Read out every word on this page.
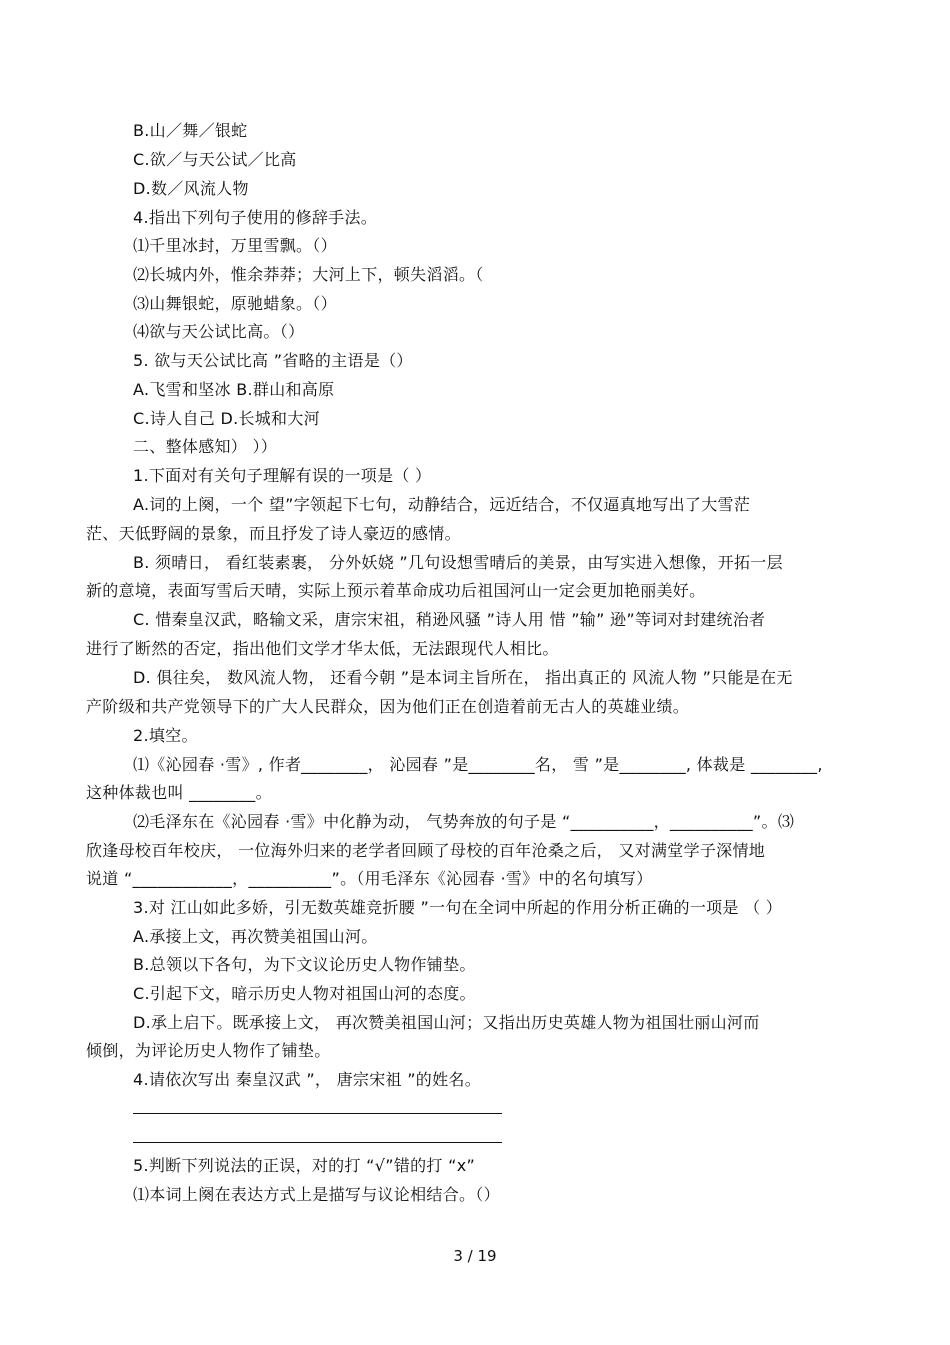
B.山／舞／银蛇
C.欲／与天公试／比高
D.数／风流人物
4.指出下列句子使用的修辞手法。
⑴千里冰封，万里雪飘。（）
⑵长城内外，惟余莽莽；大河上下，顿失滔滔。（
⑶山舞银蛇，原驰蜡象。（）
⑷欲与天公试比高。（）
5. 欲与天公试比高 ”省略的主语是（）
A.飞雪和坚冰 B.群山和高原
C.诗人自己 D.长城和大河
二、整体感知） ））
1.下面对有关句子理解有误的一项是（ ）
A.词的上阕，一个 望”字领起下七句，动静结合，远近结合，不仅逼真地写出了大雪茫
茫、天低野阔的景象，而且抒发了诗人豪迈的感情。
B. 须晴日， 看红装素裹， 分外妖娆 ”几句设想雪晴后的美景，由写实进入想像，开拓一层
新的意境，表面写雪后天晴，实际上预示着革命成功后祖国河山一定会更加艳丽美好。
C. 惜秦皇汉武，略输文采，唐宗宋祖，稍逊风骚 ”诗人用 惜 ”输” 逊”等词对封建统治者
进行了断然的否定，指出他们文学才华太低，无法跟现代人相比。
D. 俱往矣， 数风流人物， 还看今朝 ”是本词主旨所在， 指出真正的 风流人物 ”只能是在无
产阶级和共产党领导下的广大人民群众，因为他们正在创造着前无古人的英雄业绩。
2.填空。
⑴《沁园春 ·雪》, 作者________， 沁园春 ”是________名， 雪 ”是________, 体裁是 ________,
这种体裁也叫 ________。
⑵毛泽东在《沁园春 ·雪》中化静为动， 气势奔放的句子是 “__________，__________”。⑶
欣逢母校百年校庆， 一位海外归来的老学者回顾了母校的百年沧桑之后， 又对满堂学子深情地
说道 “____________，__________”。（用毛泽东《沁园春 ·雪》中的名句填写）
3.对 江山如此多娇，引无数英雄竞折腰 ”一句在全词中所起的作用分析正确的一项是 （ ）
A.承接上文，再次赞美祖国山河。
B.总领以下各句，为下文议论历史人物作铺垫。
C.引起下文，暗示历史人物对祖国山河的态度。
D.承上启下。既承接上文， 再次赞美祖国山河；又指出历史英雄人物为祖国壮丽山河而
倾倒，为评论历史人物作了铺垫。
4.请依次写出 秦皇汉武 ”， 唐宗宋祖 ”的姓名。
5.判断下列说法的正误，对的打 “√”错的打 “ⅹ”
⑴本词上阕在表达方式上是描写与议论相结合。（）
3 / 19
